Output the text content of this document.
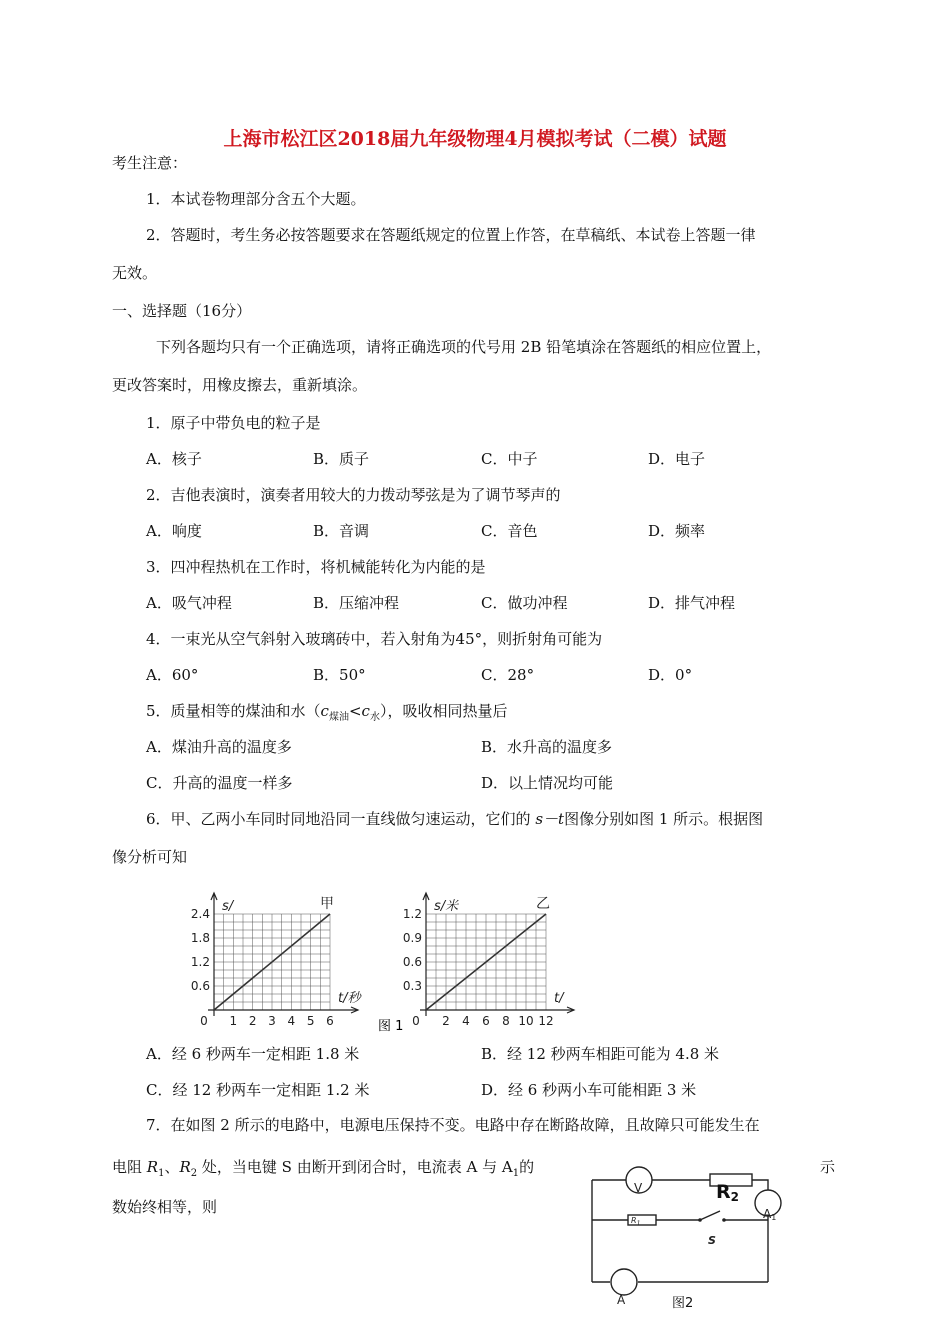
上海市松江区2018届九年级物理4月模拟考试（二模）试题
考生注意：
1．本试卷物理部分含五个大题。
2．答题时，考生务必按答题要求在答题纸规定的位置上作答，在草稿纸、本试卷上答题一律
无效。
一、选择题（16分）
下列各题均只有一个正确选项，请将正确选项的代号用 2B 铅笔填涂在答题纸的相应位置上，
更改答案时，用橡皮擦去，重新填涂。
1．原子中带负电的粒子是
A．核子	B．质子	C．中子	D．电子
2．吉他表演时，演奏者用较大的力拨动琴弦是为了调节琴声的
A．响度	B．音调	C．音色	D．频率
3．四冲程热机在工作时，将机械能转化为内能的是
A．吸气冲程	B．压缩冲程	C．做功冲程	D．排气冲程
4．一束光从空气斜射入玻璃砖中，若入射角为45°，则折射角可能为
A．60°	B．50°	C．28°	D．0°
5．质量相等的煤油和水$(c_{煤油}<c_水)$，吸收相同热量后
A．煤油升高的温度多	B．水升高的温度多
C．升高的温度一样多	D．以上情况均可能
6．甲、乙两小车同时同地沿同一直线做匀速运动，它们的 s－t图像分别如图 1 所示。根据图
像分析可知
0.6
1.2
1.8
2.4
1 2 3 4 5 6
0
s/
t/秒
甲
0.3
0.6
0.9
1.2
2 4 6 8 10 12
0
s/米
t/
乙
图 1
A．经 6 秒两车一定相距 1.8 米	B．经 12 秒两车相距可能为 4.8 米
C．经 12 秒两车一定相距 1.2 米	D．经 6 秒两小车可能相距 3 米
7．在如图 2 所示的电路中，电源电压保持不变。电路中存在断路故障，且故障只可能发生在
电阻 $R_1$、$R_2$ 处，当电键 S 由断开到闭合时，电流表 A 与 $A_1$的	示
数始终相等，则
V	R2
A1
$R_1$
S
A	图2
